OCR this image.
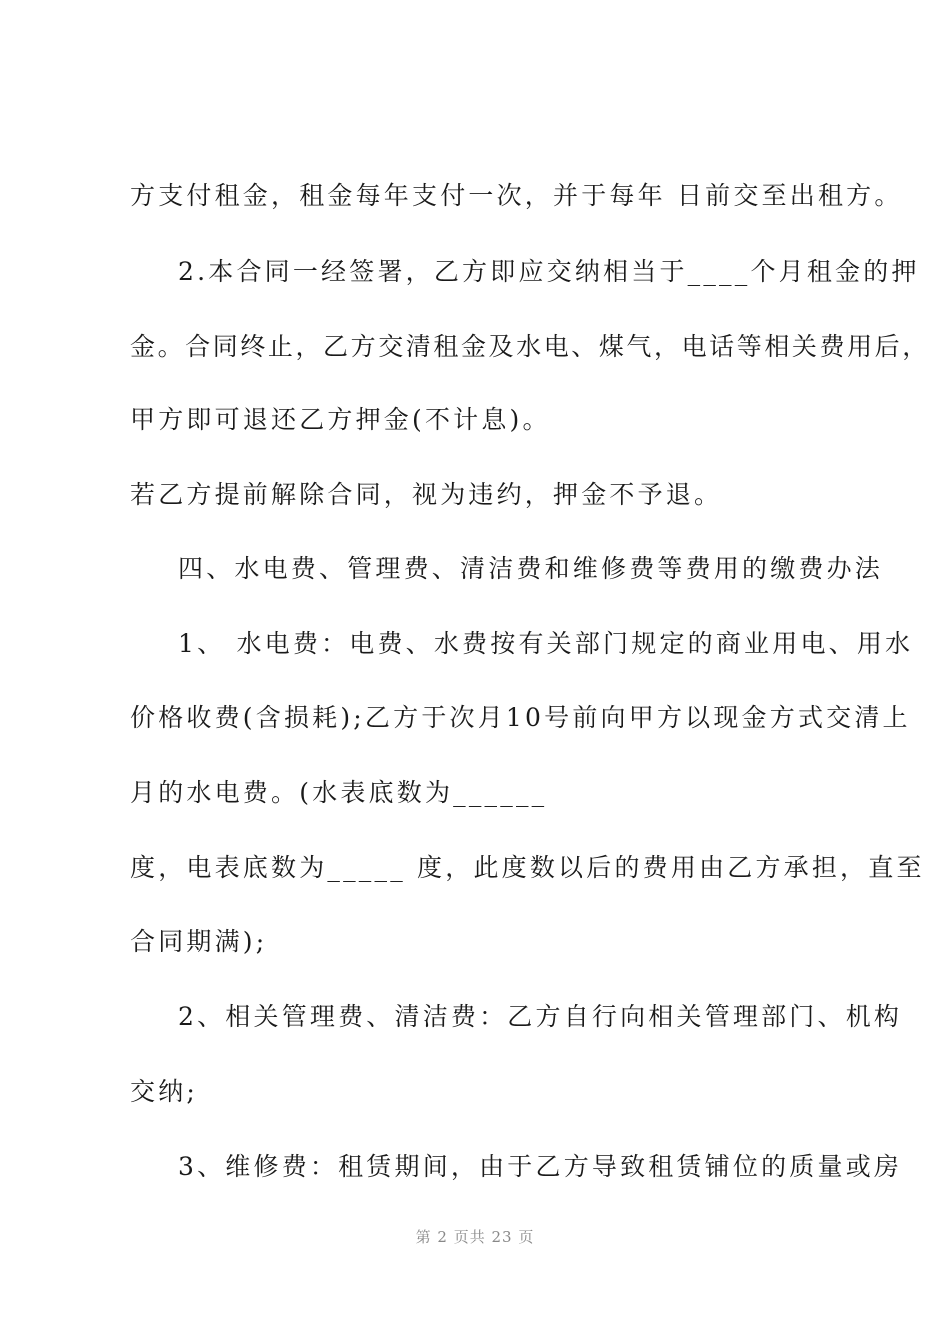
方支付租金，租金每年支付一次，并于每年 日前交至出租方。
2.本合同一经签署，乙方即应交纳相当于____个月租金的押
金。合同终止，乙方交清租金及水电、煤气，电话等相关费用后，
甲方即可退还乙方押金(不计息)。
若乙方提前解除合同，视为违约，押金不予退。
四、水电费、管理费、清洁费和维修费等费用的缴费办法
1、 水电费：电费、水费按有关部门规定的商业用电、用水
价格收费(含损耗);乙方于次月10号前向甲方以现金方式交清上
月的水电费。(水表底数为______
度，电表底数为_____ 度，此度数以后的费用由乙方承担，直至
合同期满);
2、相关管理费、清洁费：乙方自行向相关管理部门、机构
交纳;
3、维修费：租赁期间，由于乙方导致租赁铺位的质量或房
第 2 页共 23 页
